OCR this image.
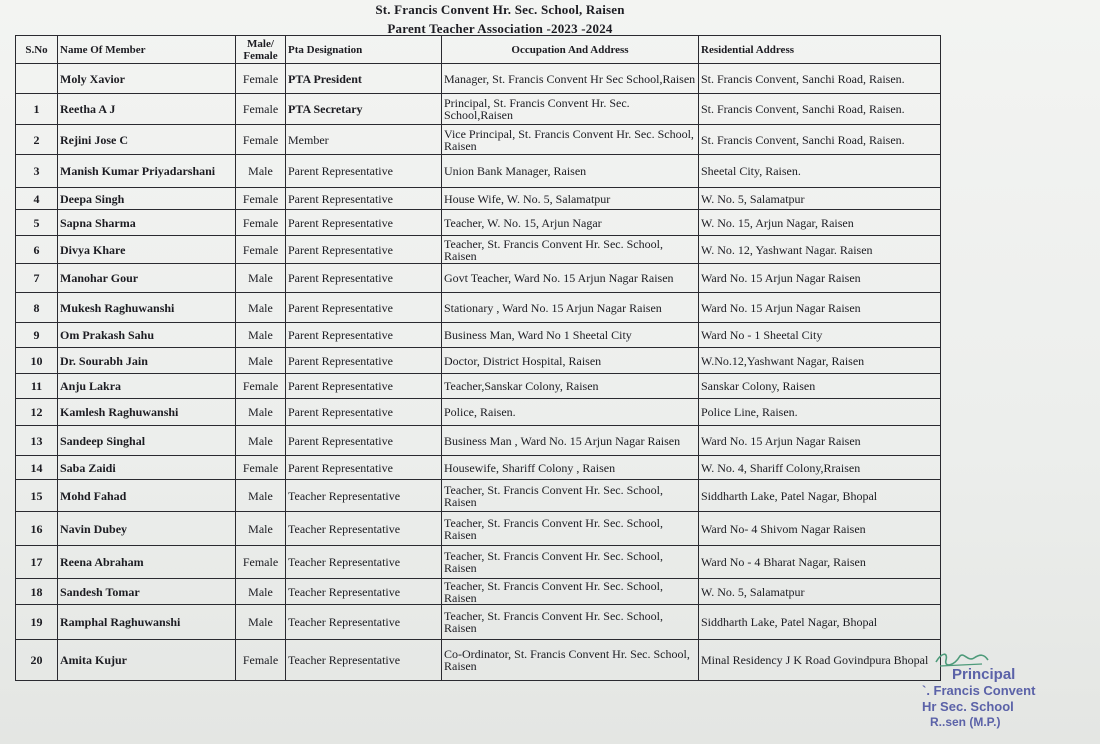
St. Francis Convent Hr. Sec. School, Raisen
Parent Teacher Association -2023 -2024
S.No	Name Of Member	Male/ Female	Pta Designation	Occupation And Address	Residential Address
	Moly Xavior	Female	PTA President	Manager, St. Francis Convent Hr Sec School,Raisen	St. Francis Convent, Sanchi Road, Raisen.
1	Reetha A J	Female	PTA Secretary	Principal, St. Francis Convent Hr. Sec. School,Raisen	St. Francis Convent, Sanchi Road, Raisen.
2	Rejini Jose C	Female	Member	Vice Principal, St. Francis Convent Hr. Sec. School, Raisen	St. Francis Convent, Sanchi Road, Raisen.
3	Manish Kumar Priyadarshani	Male	Parent Representative	Union Bank Manager, Raisen	Sheetal City, Raisen.
4	Deepa Singh	Female	Parent Representative	House Wife, W. No. 5, Salamatpur	W. No. 5, Salamatpur
5	Sapna Sharma	Female	Parent Representative	Teacher, W. No. 15, Arjun Nagar	W. No. 15, Arjun Nagar, Raisen
6	Divya Khare	Female	Parent Representative	Teacher, St. Francis Convent Hr. Sec. School, Raisen	W. No. 12, Yashwant Nagar. Raisen
7	Manohar Gour	Male	Parent Representative	Govt Teacher, Ward No. 15 Arjun Nagar Raisen	Ward No. 15 Arjun Nagar Raisen
8	Mukesh Raghuwanshi	Male	Parent Representative	Stationary , Ward No. 15 Arjun Nagar Raisen	Ward No. 15 Arjun Nagar Raisen
9	Om Prakash Sahu	Male	Parent Representative	Business Man, Ward No 1 Sheetal City	Ward No - 1 Sheetal City
10	Dr. Sourabh Jain	Male	Parent Representative	Doctor, District Hospital, Raisen	W.No.12,Yashwant Nagar, Raisen
11	Anju Lakra	Female	Parent Representative	Teacher,Sanskar Colony, Raisen	Sanskar Colony, Raisen
12	Kamlesh Raghuwanshi	Male	Parent Representative	Police, Raisen.	Police Line, Raisen.
13	Sandeep Singhal	Male	Parent Representative	Business Man , Ward No. 15 Arjun Nagar Raisen	Ward No. 15 Arjun Nagar Raisen
14	Saba Zaidi	Female	Parent Representative	Housewife, Shariff Colony , Raisen	W. No. 4, Shariff Colony,Rraisen
15	Mohd Fahad	Male	Teacher Representative	Teacher, St. Francis Convent Hr. Sec. School, Raisen	Siddharth Lake, Patel Nagar, Bhopal
16	Navin Dubey	Male	Teacher Representative	Teacher, St. Francis Convent Hr. Sec. School, Raisen	Ward No- 4 Shivom Nagar Raisen
17	Reena Abraham	Female	Teacher Representative	Teacher, St. Francis Convent Hr. Sec. School, Raisen	Ward No - 4 Bharat Nagar, Raisen
18	Sandesh Tomar	Male	Teacher Representative	Teacher, St. Francis Convent Hr. Sec. School, Raisen	W. No. 5, Salamatpur
19	Ramphal Raghuwanshi	Male	Teacher Representative	Teacher, St. Francis Convent Hr. Sec. School, Raisen	Siddharth Lake, Patel Nagar, Bhopal
20	Amita Kujur	Female	Teacher Representative	Co-Ordinator, St. Francis Convent Hr. Sec. School, Raisen	Minal Residency J K Road Govindpura Bhopal
Principal
`. Francis Convent
Hr Sec. School
R..sen (M.P.)
